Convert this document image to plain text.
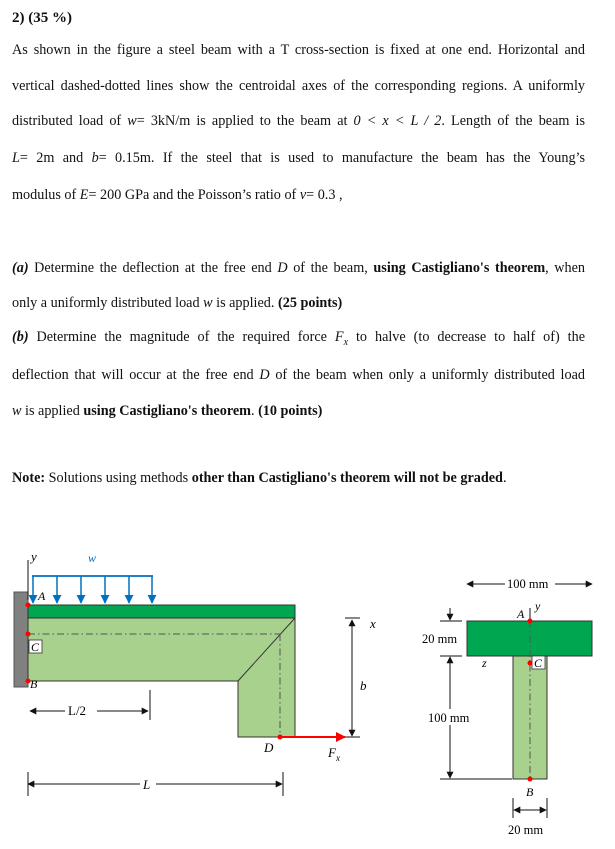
2) (35 %)
As shown in the figure a steel beam with a T cross-section is fixed at one end. Horizontal and
vertical dashed-dotted lines show the centroidal axes of the corresponding regions. A uniformly
distributed load of w= 3kN/m is applied to the beam at 0 < x < L / 2. Length of the beam is
L= 2m and b= 0.15m. If the steel that is used to manufacture the beam has the Young’s
modulus of E= 200 GPa and the Poisson’s ratio of ν= 0.3 ,
(a) Determine the deflection at the free end D of the beam, using Castigliano's theorem, when
only a uniformly distributed load w is applied. (25 points)
(b) Determine the magnitude of the required force $F_x$ to halve (to decrease to half of) the
deflection that will occur at the free end D of the beam when only a uniformly distributed load
w is applied using Castigliano's theorem. (10 points)
Note: Solutions using methods other than Castigliano's theorem will not be graded.
y	w
A
C
B
D	$F_x$
x
b
L/2
L
100 mm
y
A
B
z	C
20 mm
100 mm
20 mm
